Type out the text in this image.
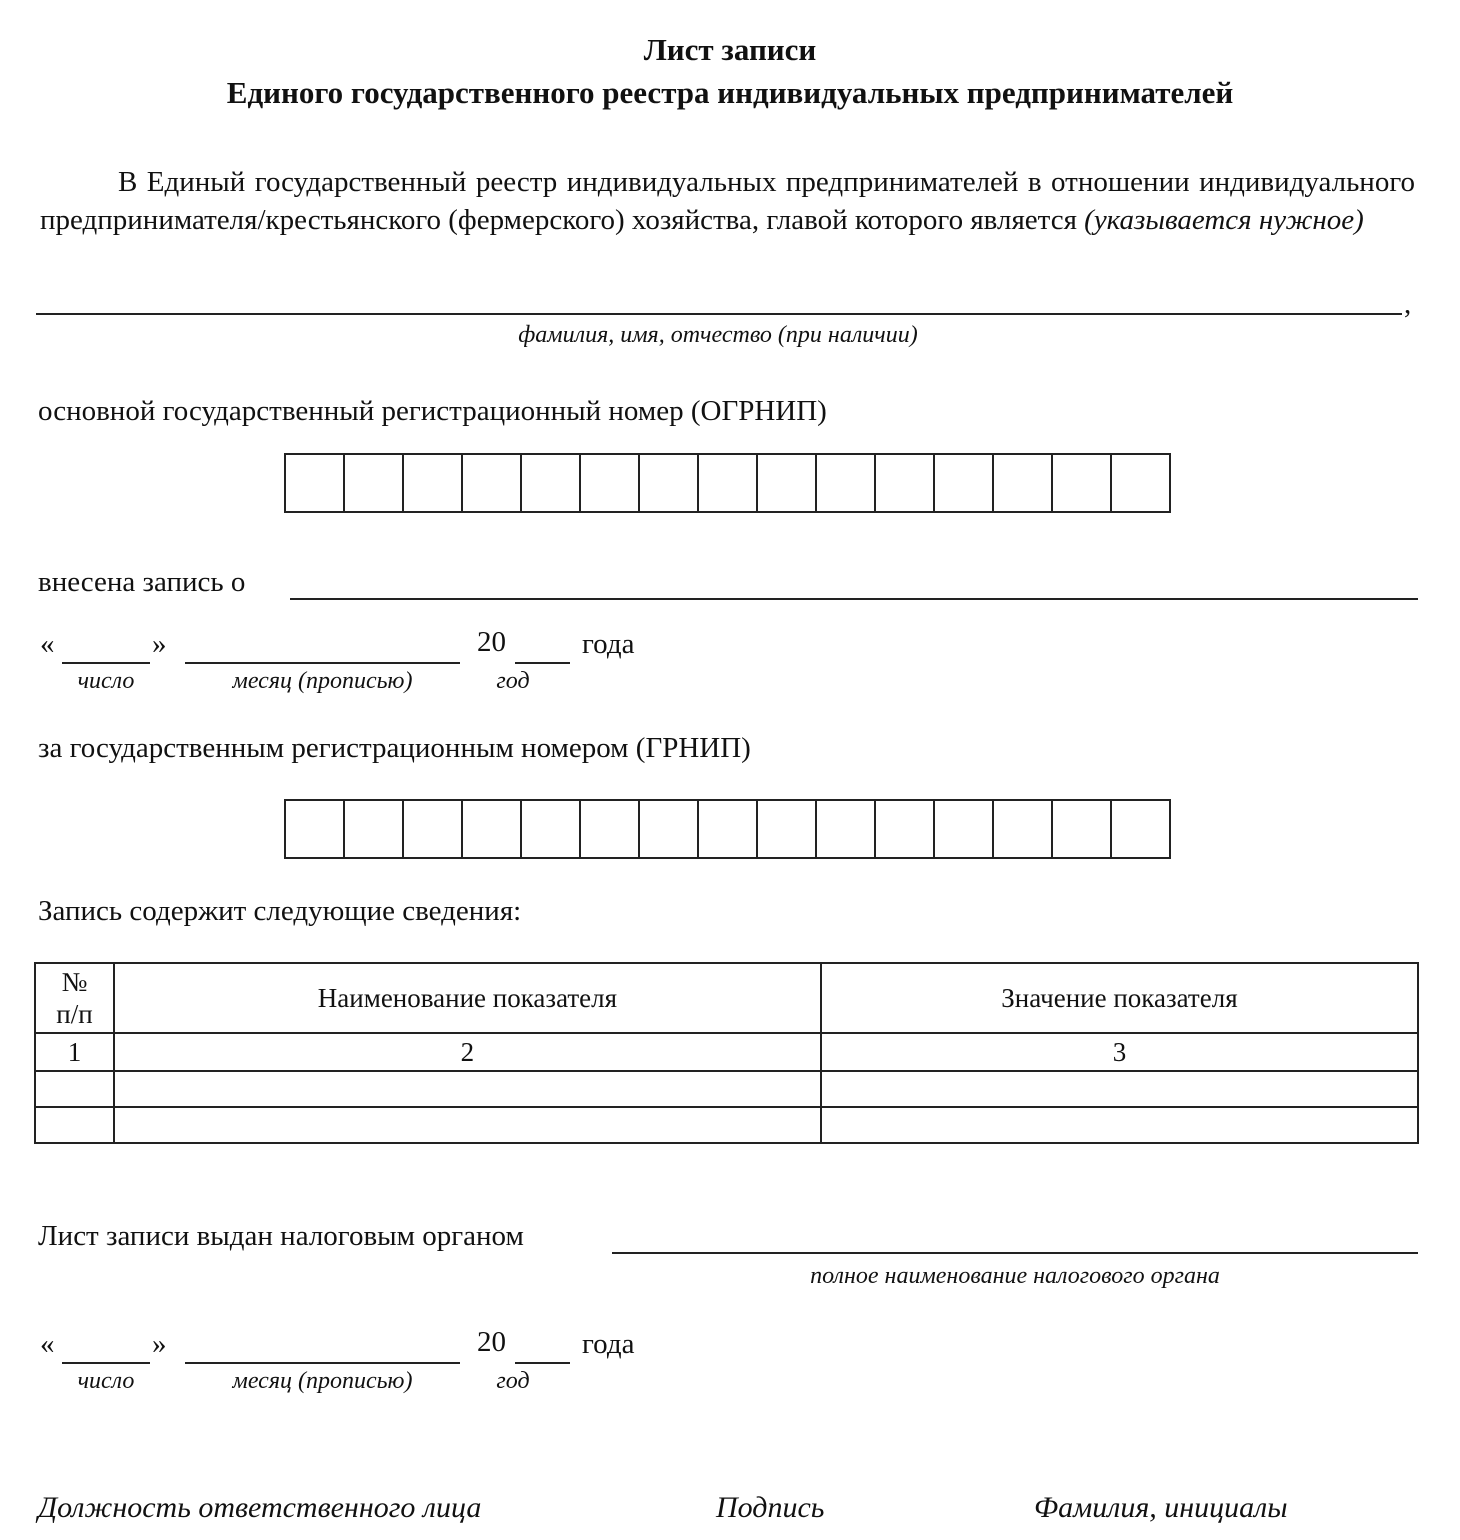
Лист записи
Единого государственного реестра индивидуальных предпринимателей
В Единый государственный реестр индивидуальных предпринимателей в отношении индивидуального предпринимателя/крестьянского (фермерского) хозяйства, главой которого является (указывается нужное)
,
фамилия, имя, отчество (при наличии)
основной государственный регистрационный номер (ОГРНИП)
внесена запись о
«	»	20	года
число	месяц (прописью)	год
за государственным регистрационным номером (ГРНИП)
Запись содержит следующие сведения:
№ п/п	Наименование показателя	Значение показателя
1	2	3

Лист записи выдан налоговым органом
полное наименование налогового органа
«	»	20	года
число	месяц (прописью)	год
Должность ответственного лица	Подпись	Фамилия, инициалы
